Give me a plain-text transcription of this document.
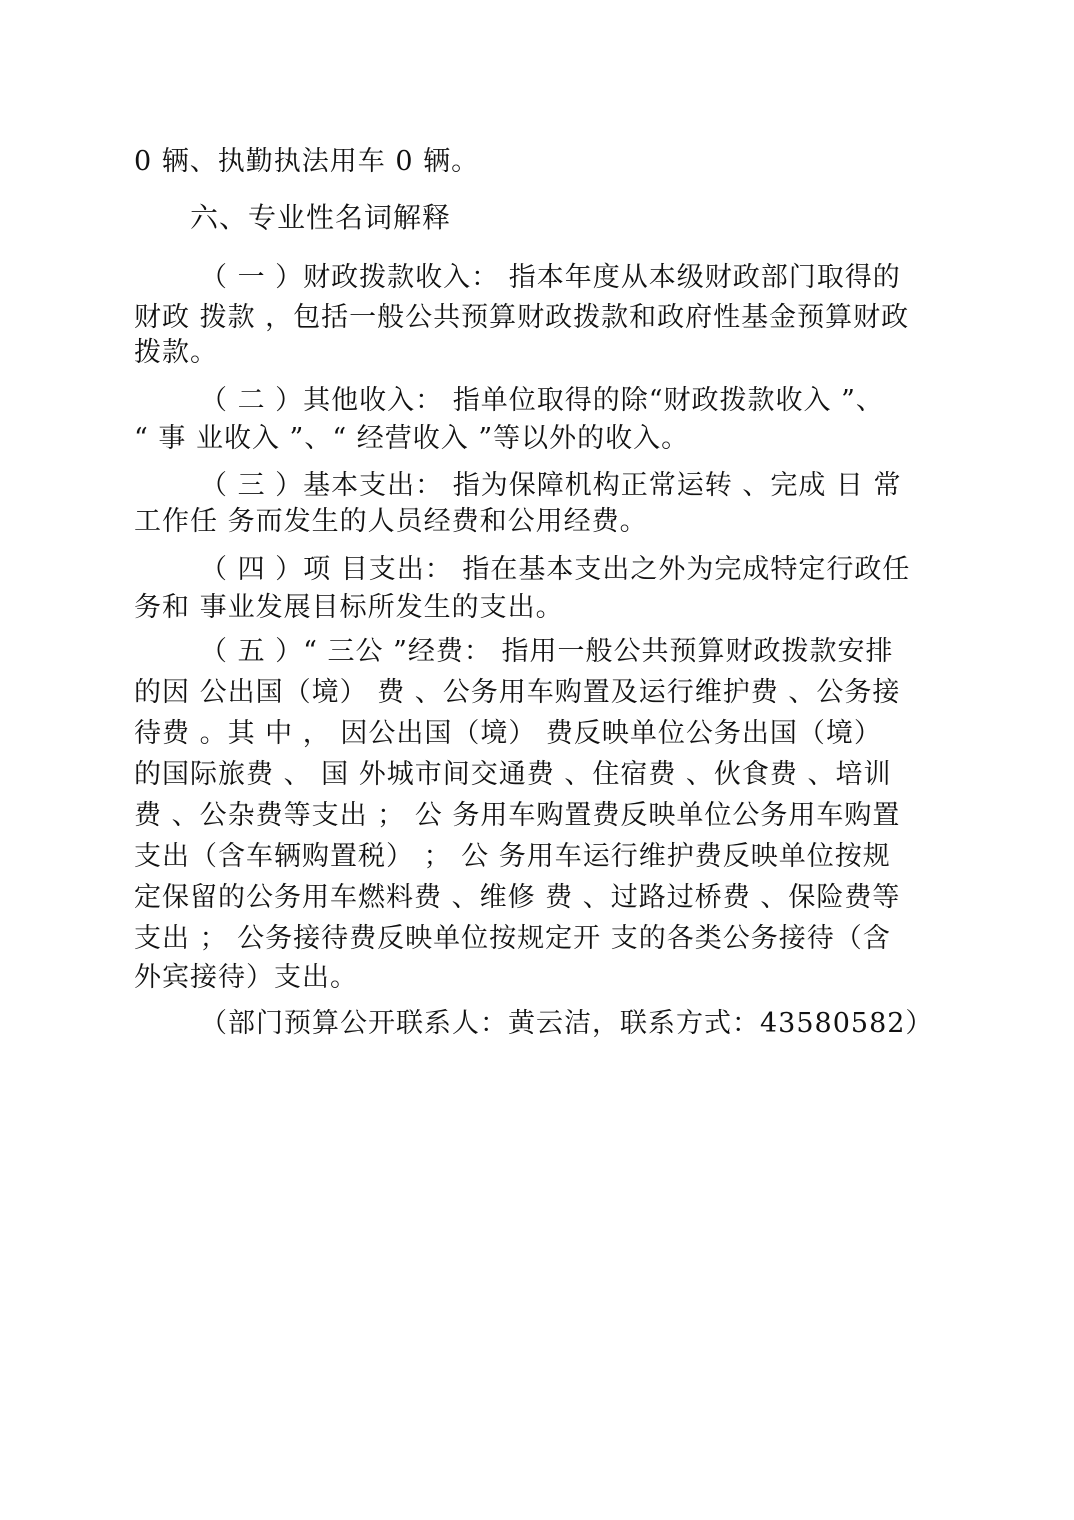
0 辆、执勤执法用车 0 辆。
六、专业性名词解释
（ 一 ）财政拨款收入： 指本年度从本级财政部门取得的
财政 拨款 ，包括一般公共预算财政拨款和政府性基金预算财政
拨款。
（ 二 ）其他收入： 指单位取得的除“财政拨款收入 ”、
“ 事 业收入 ”、“ 经营收入 ”等以外的收入。
（ 三 ）基本支出： 指为保障机构正常运转 、完成 日 常
工作任 务而发生的人员经费和公用经费。
（ 四 ）项 目支出： 指在基本支出之外为完成特定行政任
务和 事业发展目标所发生的支出。
（ 五 ）“ 三公 ”经费： 指用一般公共预算财政拨款安排
的因 公出国（境） 费 、公务用车购置及运行维护费 、公务接
待费 。其 中 ， 因公出国（境） 费反映单位公务出国（境）
的国际旅费 、 国 外城市间交通费 、住宿费 、伙食费 、培训
费 、公杂费等支出 ； 公 务用车购置费反映单位公务用车购置
支出（含车辆购置税） ； 公 务用车运行维护费反映单位按规
定保留的公务用车燃料费 、维修 费 、过路过桥费 、保险费等
支出 ； 公务接待费反映单位按规定开 支的各类公务接待（含
外宾接待）支出。
（部门预算公开联系人：黄云洁，联系方式：43580582）
